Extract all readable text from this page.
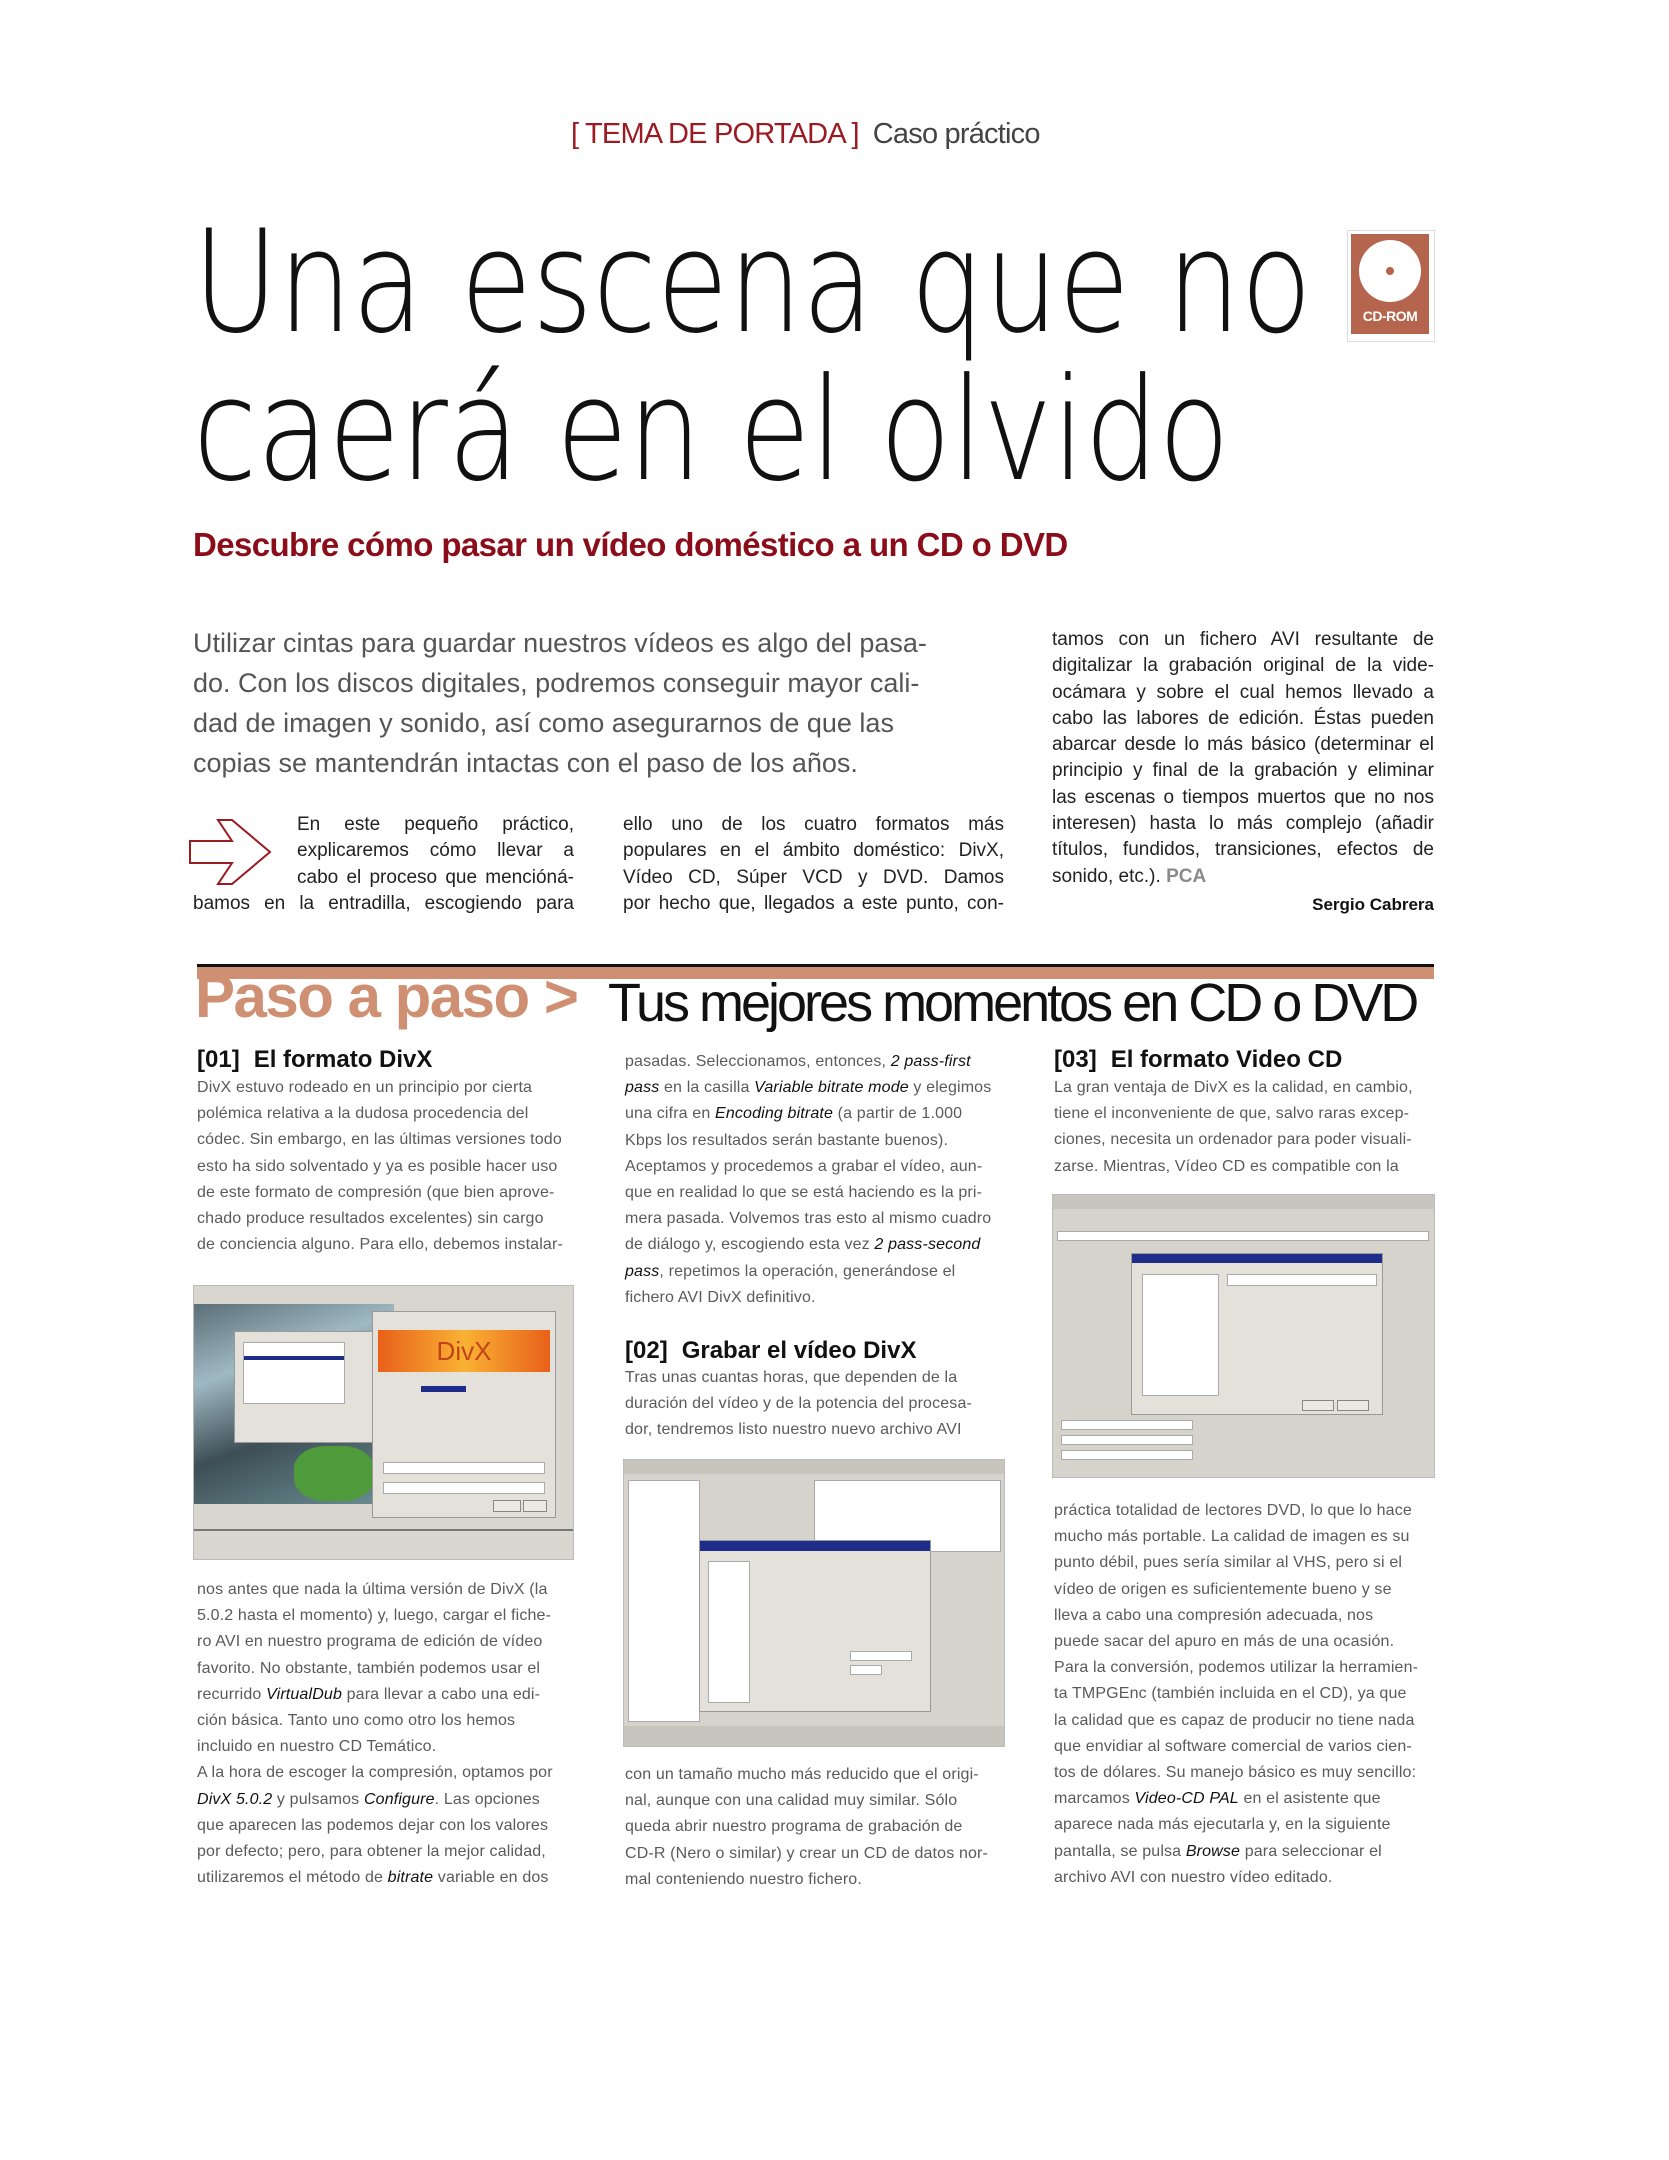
[ TEMA DE PORTADA ] Caso práctico
Una escena que no
caerá en el olvido
CD-ROM
Descubre cómo pasar un vídeo doméstico a un CD o DVD
Utilizar cintas para guardar nuestros vídeos es algo del pasa-
do. Con los discos digitales, podremos conseguir mayor cali-
dad de imagen y sonido, así como asegurarnos de que las
copias se mantendrán intactas con el paso de los años.
En este pequeño práctico,
explicaremos cómo llevar a
cabo el proceso que mencióná-
bamos en la entradilla, escogiendo para
ello uno de los cuatro formatos más
populares en el ámbito doméstico: DivX,
Vídeo CD, Súper VCD y DVD. Damos
por hecho que, llegados a este punto, con-
tamos con un fichero AVI resultante de
digitalizar la grabación original de la vide-
ocámara y sobre el cual hemos llevado a
cabo las labores de edición. Éstas pueden
abarcar desde lo más básico (determinar el
principio y final de la grabación y eliminar
las escenas o tiempos muertos que no nos
interesen) hasta lo más complejo (añadir
títulos, fundidos, transiciones, efectos de
sonido, etc.). PCA
Sergio Cabrera
Paso a paso > Tus mejores momentos en CD o DVD
[01] El formato DivX
DivX estuvo rodeado en un principio por cierta
polémica relativa a la dudosa procedencia del
códec. Sin embargo, en las últimas versiones todo
esto ha sido solventado y ya es posible hacer uso
de este formato de compresión (que bien aprove-
chado produce resultados excelentes) sin cargo
de conciencia alguno. Para ello, debemos instalar-
DivX
nos antes que nada la última versión de DivX (la
5.0.2 hasta el momento) y, luego, cargar el fiche-
ro AVI en nuestro programa de edición de vídeo
favorito. No obstante, también podemos usar el
recurrido VirtualDub para llevar a cabo una edi-
ción básica. Tanto uno como otro los hemos
incluido en nuestro CD Temático.
A la hora de escoger la compresión, optamos por
DivX 5.0.2 y pulsamos Configure. Las opciones
que aparecen las podemos dejar con los valores
por defecto; pero, para obtener la mejor calidad,
utilizaremos el método de bitrate variable en dos
pasadas. Seleccionamos, entonces, 2 pass-first
pass en la casilla Variable bitrate mode y elegimos
una cifra en Encoding bitrate (a partir de 1.000
Kbps los resultados serán bastante buenos).
Aceptamos y procedemos a grabar el vídeo, aun-
que en realidad lo que se está haciendo es la pri-
mera pasada. Volvemos tras esto al mismo cuadro
de diálogo y, escogiendo esta vez 2 pass-second
pass, repetimos la operación, generándose el
fichero AVI DivX definitivo.
[02] Grabar el vídeo DivX
Tras unas cuantas horas, que dependen de la
duración del vídeo y de la potencia del procesa-
dor, tendremos listo nuestro nuevo archivo AVI
con un tamaño mucho más reducido que el origi-
nal, aunque con una calidad muy similar. Sólo
queda abrir nuestro programa de grabación de
CD-R (Nero o similar) y crear un CD de datos nor-
mal conteniendo nuestro fichero.
[03] El formato Video CD
La gran ventaja de DivX es la calidad, en cambio,
tiene el inconveniente de que, salvo raras excep-
ciones, necesita un ordenador para poder visuali-
zarse. Mientras, Vídeo CD es compatible con la
práctica totalidad de lectores DVD, lo que lo hace
mucho más portable. La calidad de imagen es su
punto débil, pues sería similar al VHS, pero si el
vídeo de origen es suficientemente bueno y se
lleva a cabo una compresión adecuada, nos
puede sacar del apuro en más de una ocasión.
Para la conversión, podemos utilizar la herramien-
ta TMPGEnc (también incluida en el CD), ya que
la calidad que es capaz de producir no tiene nada
que envidiar al software comercial de varios cien-
tos de dólares. Su manejo básico es muy sencillo:
marcamos Video-CD PAL en el asistente que
aparece nada más ejecutarla y, en la siguiente
pantalla, se pulsa Browse para seleccionar el
archivo AVI con nuestro vídeo editado.
